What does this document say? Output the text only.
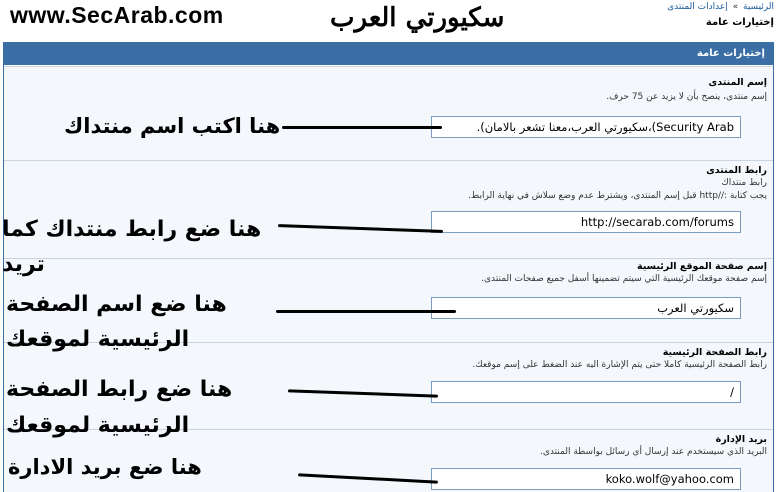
www.SecArab.com	سكيورتي العرب	الرئيسية » إعدادات المنتدى
إختيارات عامة
إختيارات عامة
إسم المنتدى
إسم منتدى، ينصح بأن لا يزيد عن 75 حرف.
Security Arab)،سكيورتي العرب،معنا تشعر بالامان).
رابط المنتدى
رابط منتداك
يجب كتابة ://http قبل إسم المنتدى، ويشترط عدم وضع سلاش في نهاية الرابط.
http://secarab.com/forums
إسم صفحة الموقع الرئيسية
إسم صفحة موقعك الرئيسية التي سيتم تضمينها أسفل جميع صفحات المنتدى.
سكيورتي العرب
رابط الصفحة الرئيسية
رابط الصفحة الرئيسية كاملا حتى يتم الإشارة اليه عند الضغط على إسم موقعك.
/
بريد الإدارة
البريد الذي سيستخدم عند إرسال أي رسائل بواسطة المنتدى.
koko.wolf@yahoo.com
هنا اكتب اسم منتداك
هنا ضع رابط منتداك كما
تريد
هنا ضع اسم الصفحة
الرئيسية لموقعك
هنا ضع رابط الصفحة
الرئيسية لموقعك
هنا ضع بريد الادارة
